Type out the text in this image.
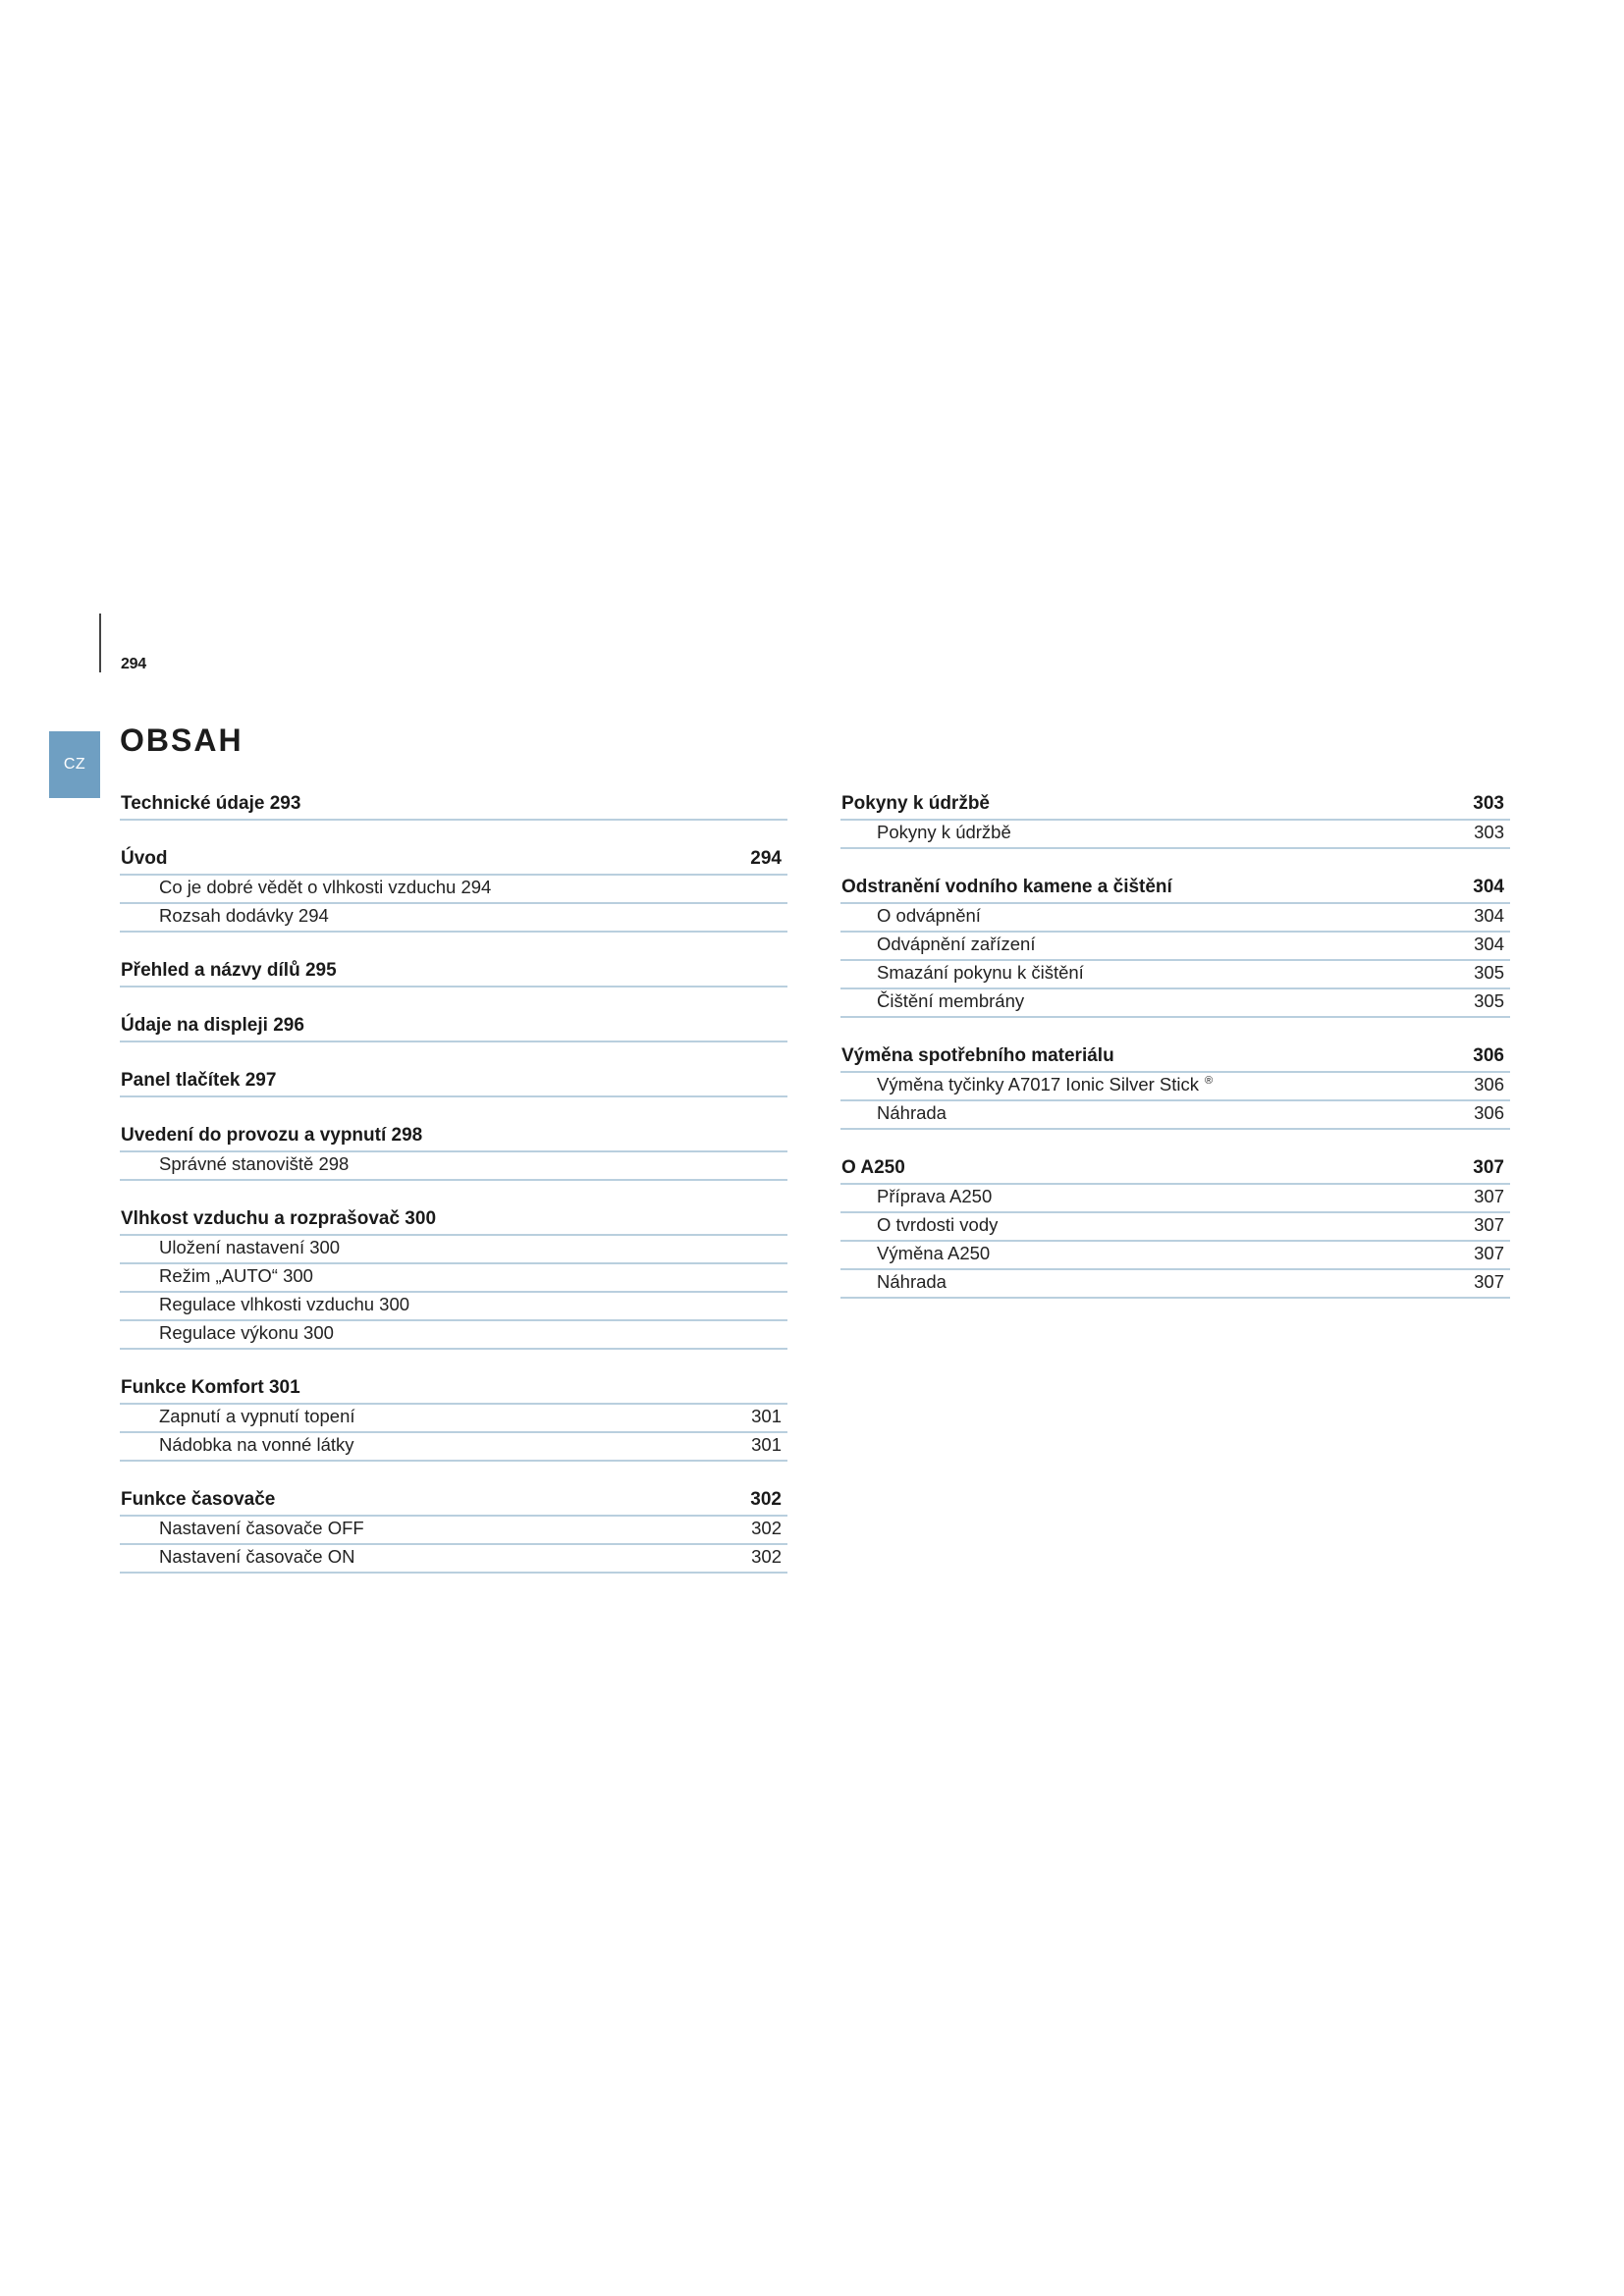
294
CZ
OBSAH
Technické údaje 293
Úvod	294
Co je dobré vědět o vlhkosti vzduchu 294
Rozsah dodávky 294
Přehled a názvy dílů 295
Údaje na displeji 296
Panel tlačítek 297
Uvedení do provozu a vypnutí 298
Správné stanoviště 298
Vlhkost vzduchu a rozprašovač 300
Uložení nastavení 300
Režim „AUTO“ 300
Regulace vlhkosti vzduchu 300
Regulace výkonu 300
Funkce Komfort 301
Zapnutí a vypnutí topení	301
Nádobka na vonné látky	301
Funkce časovače	302
Nastavení časovače OFF	302
Nastavení časovače ON	302
Pokyny k údržbě	303
Pokyny k údržbě	303
Odstranění vodního kamene a čištění	304
O odvápnění	304
Odvápnění zařízení	304
Smazání pokynu k čištění	305
Čištění membrány	305
Výměna spotřebního materiálu	306
Výměna tyčinky A7017 Ionic Silver Stick ®	306
Náhrada	306
O A250	307
Příprava A250	307
O tvrdosti vody	307
Výměna A250	307
Náhrada	307
